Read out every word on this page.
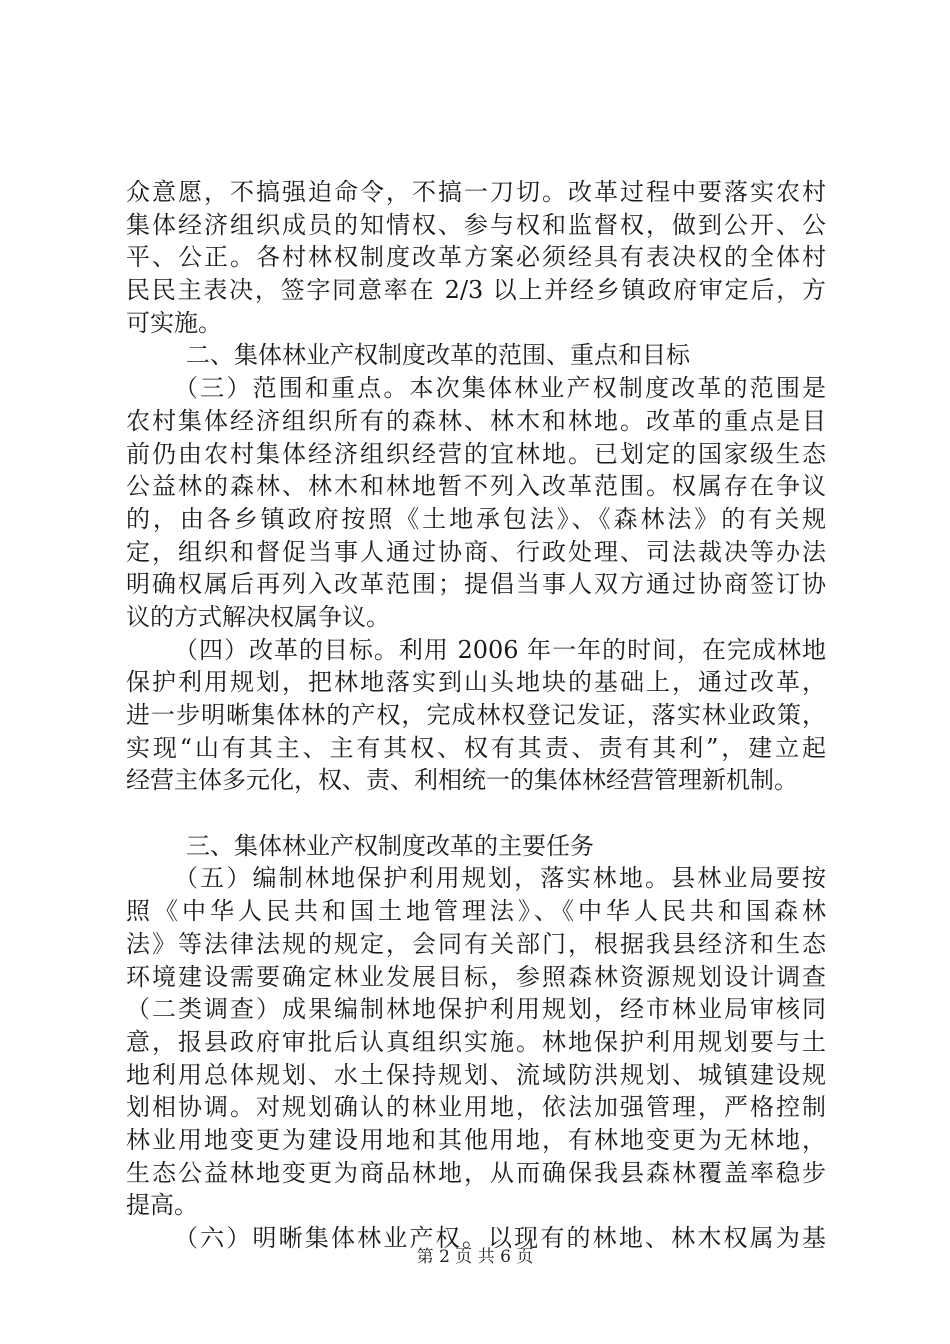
众意愿，不搞强迫命令，不搞一刀切。改革过程中要落实农村
集体经济组织成员的知情权、参与权和监督权，做到公开、公
平、公正。各村林权制度改革方案必须经具有表决权的全体村
民民主表决，签字同意率在 2/3 以上并经乡镇政府审定后，方
可实施。
二、集体林业产权制度改革的范围、重点和目标
（三）范围和重点。本次集体林业产权制度改革的范围是
农村集体经济组织所有的森林、林木和林地。改革的重点是目
前仍由农村集体经济组织经营的宜林地。已划定的国家级生态
公益林的森林、林木和林地暂不列入改革范围。权属存在争议
的，由各乡镇政府按照《土地承包法》、《森林法》的有关规
定，组织和督促当事人通过协商、行政处理、司法裁决等办法
明确权属后再列入改革范围；提倡当事人双方通过协商签订协
议的方式解决权属争议。
（四）改革的目标。利用 2006 年一年的时间，在完成林地
保护利用规划，把林地落实到山头地块的基础上，通过改革，
进一步明晰集体林的产权，完成林权登记发证，落实林业政策，
实现“山有其主、主有其权、权有其责、责有其利”，建立起
经营主体多元化，权、责、利相统一的集体林经营管理新机制。
三、集体林业产权制度改革的主要任务
（五）编制林地保护利用规划，落实林地。县林业局要按
照《中华人民共和国土地管理法》、《中华人民共和国森林
法》等法律法规的规定，会同有关部门，根据我县经济和生态
环境建设需要确定林业发展目标，参照森林资源规划设计调查
（二类调查）成果编制林地保护利用规划，经市林业局审核同
意，报县政府审批后认真组织实施。林地保护利用规划要与土
地利用总体规划、水土保持规划、流域防洪规划、城镇建设规
划相协调。对规划确认的林业用地，依法加强管理，严格控制
林业用地变更为建设用地和其他用地，有林地变更为无林地，
生态公益林地变更为商品林地，从而确保我县森林覆盖率稳步
提高。
（六）明晰集体林业产权。以现有的林地、林木权属为基
第 2 页 共 6 页
